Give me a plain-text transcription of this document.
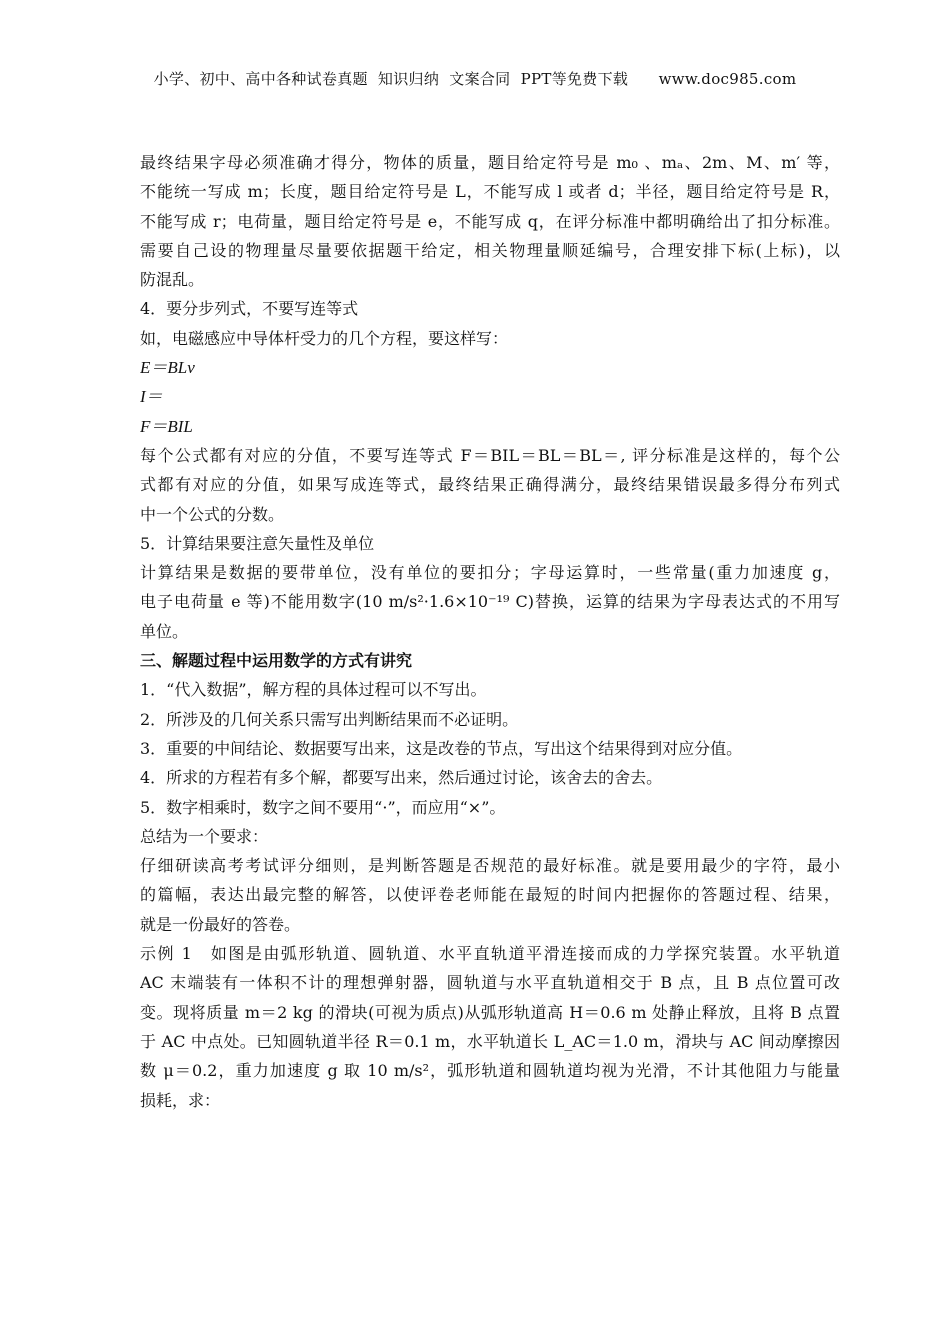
小学、初中、高中各种试卷真题  知识归纳  文案合同  PPT等免费下载      www.doc985.com
最终结果字母必须准确才得分，物体的质量，题目给定符号是 m₀ 、mₐ、2m、M、m′ 等，
不能统一写成 m；长度，题目给定符号是 L，不能写成 l 或者 d；半径，题目给定符号是 R，
不能写成 r；电荷量，题目给定符号是 e，不能写成 q，在评分标准中都明确给出了扣分标准。
需要自己设的物理量尽量要依据题干给定，相关物理量顺延编号，合理安排下标(上标)，以
防混乱。
4．要分步列式，不要写连等式
如，电磁感应中导体杆受力的几个方程，要这样写：
E＝BLv
I＝
F＝BIL
每个公式都有对应的分值，不要写连等式 F＝BIL＝BL＝BL＝, 评分标准是这样的，每个公
式都有对应的分值，如果写成连等式，最终结果正确得满分，最终结果错误最多得分布列式
中一个公式的分数。
5．计算结果要注意矢量性及单位
计算结果是数据的要带单位，没有单位的要扣分；字母运算时，一些常量(重力加速度 g，
电子电荷量 e 等)不能用数字(10 m/s²·1.6×10⁻¹⁹ C)替换，运算的结果为字母表达式的不用写
单位。
三、解题过程中运用数学的方式有讲究
1．“代入数据”，解方程的具体过程可以不写出。
2．所涉及的几何关系只需写出判断结果而不必证明。
3．重要的中间结论、数据要写出来，这是改卷的节点，写出这个结果得到对应分值。
4．所求的方程若有多个解，都要写出来，然后通过讨论，该舍去的舍去。
5．数字相乘时，数字之间不要用“·”，而应用“×”。
总结为一个要求：
仔细研读高考考试评分细则，是判断答题是否规范的最好标准。就是要用最少的字符，最小
的篇幅，表达出最完整的解答，以使评卷老师能在最短的时间内把握你的答题过程、结果，
就是一份最好的答卷。
示例 1　如图是由弧形轨道、圆轨道、水平直轨道平滑连接而成的力学探究装置。水平轨道
AC 末端装有一体积不计的理想弹射器，圆轨道与水平直轨道相交于 B 点，且 B 点位置可改
变。现将质量 m＝2 kg 的滑块(可视为质点)从弧形轨道高 H＝0.6 m 处静止释放，且将 B 点置
于 AC 中点处。已知圆轨道半径 R＝0.1 m，水平轨道长 L_AC＝1.0 m，滑块与 AC 间动摩擦因
数 μ＝0.2，重力加速度 g 取 10 m/s²，弧形轨道和圆轨道均视为光滑，不计其他阻力与能量
损耗，求：
